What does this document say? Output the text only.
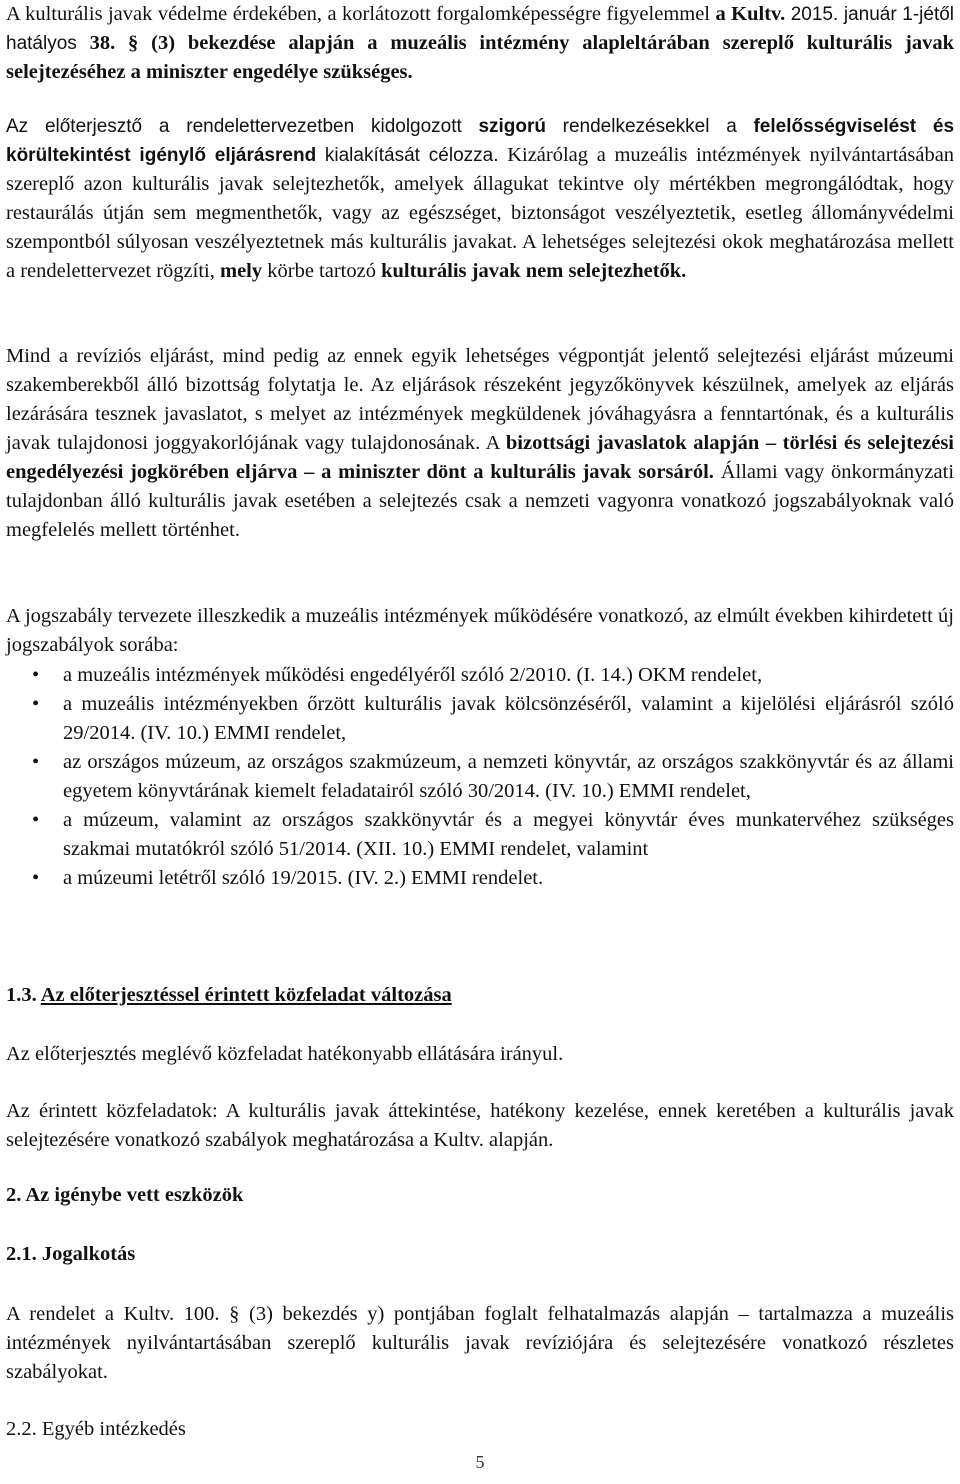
A kulturális javak védelme érdekében, a korlátozott forgalomképességre figyelemmel a Kultv. 2015. január 1-jétől hatályos 38. § (3) bekezdése alapján a muzeális intézmény alapleltárában szereplő kulturális javak selejtezéséhez a miniszter engedélye szükséges.

Az előterjesztő a rendelettervezetben kidolgozott szigorú rendelkezésekkel a felelősségviselést és körültekintést igénylő eljárásrend kialakítását célozza. Kizárólag a muzeális intézmények nyilvántartásában szereplő azon kulturális javak selejtezhetők, amelyek állagukat tekintve oly mértékben megrongálódtak, hogy restaurálás útján sem megmenthetők, vagy az egészséget, biztonságot veszélyeztetik, esetleg állományvédelmi szempontból súlyosan veszélyeztetnek más kulturális javakat. A lehetséges selejtezési okok meghatározása mellett a rendelettervezet rögzíti, mely körbe tartozó kulturális javak nem selejtezhetők.

Mind a revíziós eljárást, mind pedig az ennek egyik lehetséges végpontját jelentő selejtezési eljárást múzeumi szakemberekből álló bizottság folytatja le. Az eljárások részeként jegyzőkönyvek készülnek, amelyek az eljárás lezárására tesznek javaslatot, s melyet az intézmények megküldenek jóváhagyásra a fenntartónak, és a kulturális javak tulajdonosi joggyakorlójának vagy tulajdonosának. A bizottsági javaslatok alapján – törlési és selejtezési engedélyezési jogkörében eljárva – a miniszter dönt a kulturális javak sorsáról. Állami vagy önkormányzati tulajdonban álló kulturális javak esetében a selejtezés csak a nemzeti vagyonra vonatkozó jogszabályoknak való megfelelés mellett történhet.

A jogszabály tervezete illeszkedik a muzeális intézmények működésére vonatkozó, az elmúlt években kihirdetett új jogszabályok sorába:

• a muzeális intézmények működési engedélyéről szóló 2/2010. (I. 14.) OKM rendelet,
• a muzeális intézményekben őrzött kulturális javak kölcsönzéséről, valamint a kijelölési eljárásról szóló 29/2014. (IV. 10.) EMMI rendelet,
• az országos múzeum, az országos szakmúzeum, a nemzeti könyvtár, az országos szakkönyvtár és az állami egyetem könyvtárának kiemelt feladatairól szóló 30/2014. (IV. 10.) EMMI rendelet,
• a múzeum, valamint az országos szakkönyvtár és a megyei könyvtár éves munkatervéhez szükséges szakmai mutatókról szóló 51/2014. (XII. 10.) EMMI rendelet, valamint
• a múzeumi letétről szóló 19/2015. (IV. 2.) EMMI rendelet.

1.3. Az előterjesztéssel érintett közfeladat változása

Az előterjesztés meglévő közfeladat hatékonyabb ellátására irányul.

Az érintett közfeladatok: A kulturális javak áttekintése, hatékony kezelése, ennek keretében a kulturális javak selejtezésére vonatkozó szabályok meghatározása a Kultv. alapján.

2. Az igénybe vett eszközök

2.1. Jogalkotás

A rendelet a Kultv. 100. § (3) bekezdés y) pontjában foglalt felhatalmazás alapján – tartalmazza a muzeális intézmények nyilvántartásában szereplő kulturális javak revíziójára és selejtezésére vonatkozó részletes szabályokat.

2.2. Egyéb intézkedés

5
